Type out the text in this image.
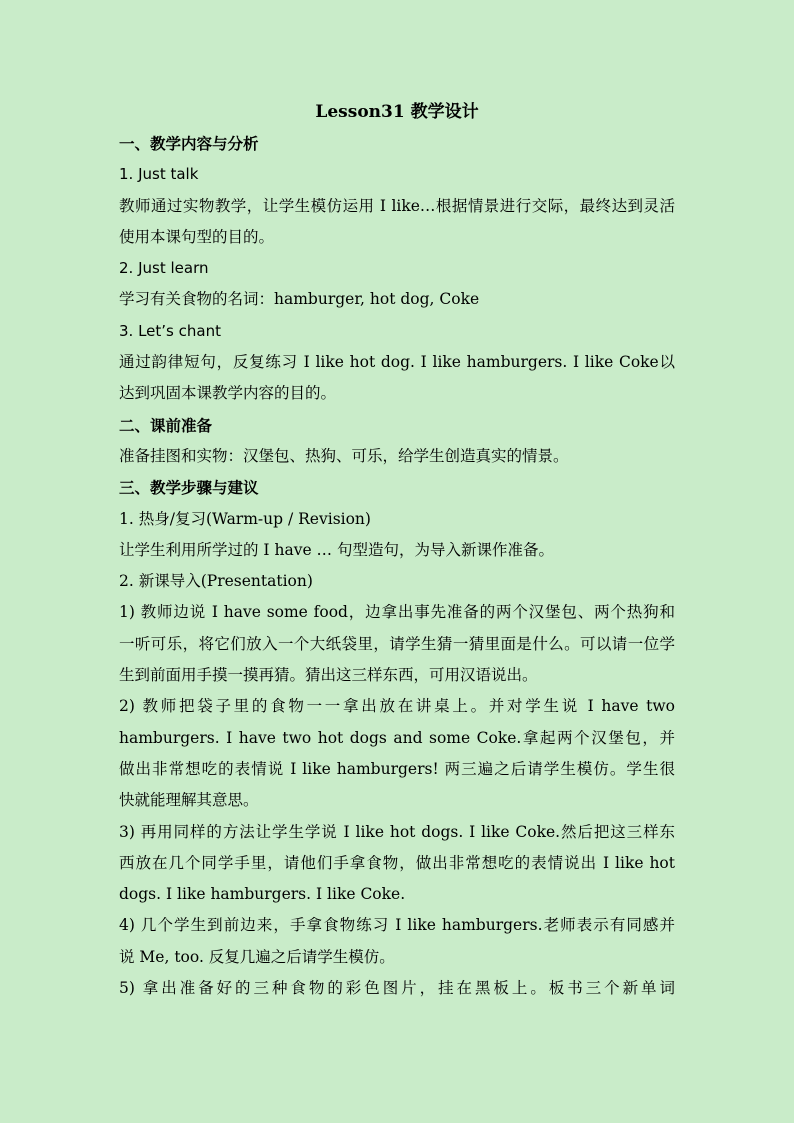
Lesson31 教学设计

一、教学内容与分析

1. Just talk

教师通过实物教学，让学生模仿运用 I like…根据情景进行交际，最终达到灵活

使用本课句型的目的。

2. Just learn

学习有关食物的名词：hamburger, hot dog, Coke

3. Let’s chant

通过韵律短句，反复练习 I like hot dog. I like hamburgers. I like Coke以

达到巩固本课教学内容的目的。

二、课前准备

准备挂图和实物：汉堡包、热狗、可乐，给学生创造真实的情景。

三、教学步骤与建议

1. 热身/复习(Warm-up / Revision)

让学生利用所学过的 I have … 句型造句，为导入新课作准备。

2. 新课导入(Presentation)

1) 教师边说 I have some food，边拿出事先准备的两个汉堡包、两个热狗和

一听可乐，将它们放入一个大纸袋里，请学生猜一猜里面是什么。可以请一位学

生到前面用手摸一摸再猜。猜出这三样东西，可用汉语说出。

2) 教师把袋子里的食物一一拿出放在讲桌上。并对学生说 I have two

hamburgers. I have two hot dogs and some Coke.拿起两个汉堡包，并

做出非常想吃的表情说 I like hamburgers! 两三遍之后请学生模仿。学生很

快就能理解其意思。

3) 再用同样的方法让学生学说 I like hot dogs. I like Coke.然后把这三样东

西放在几个同学手里，请他们手拿食物，做出非常想吃的表情说出 I like hot

dogs. I like hamburgers. I like Coke.

4) 几个学生到前边来，手拿食物练习 I like hamburgers.老师表示有同感并

说 Me, too. 反复几遍之后请学生模仿。

5) 拿出准备好的三种食物的彩色图片，挂在黑板上。板书三个新单词
